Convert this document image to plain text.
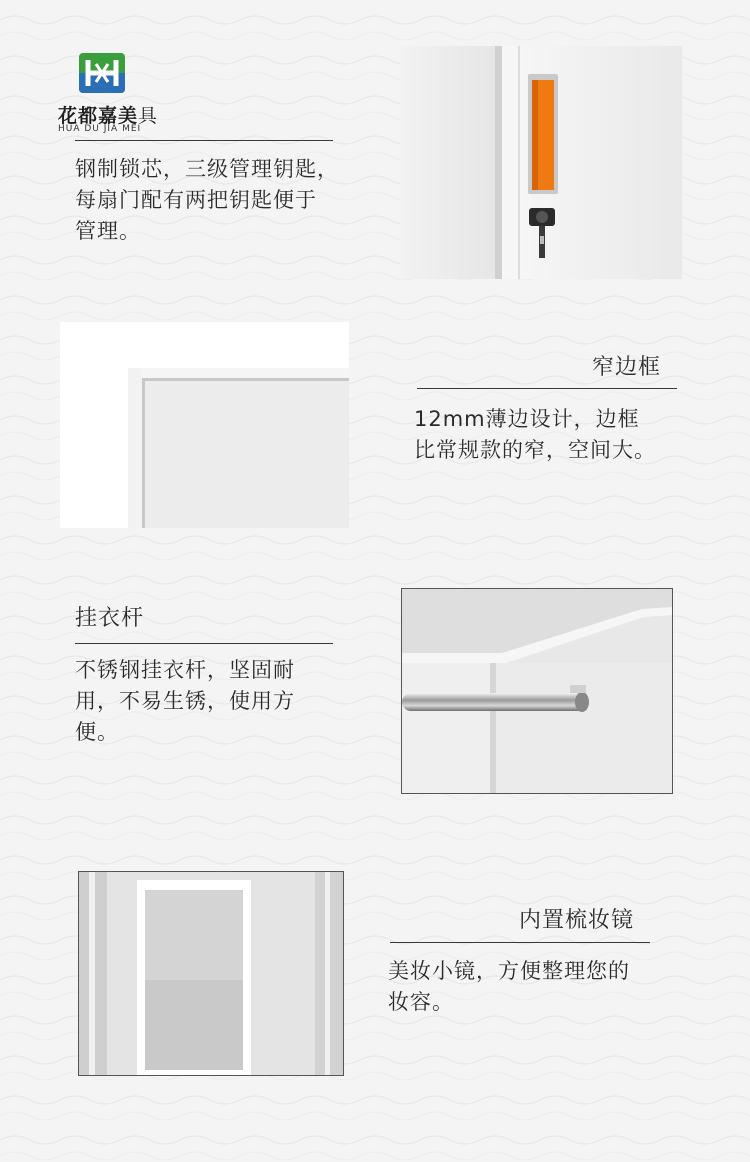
花都嘉美具
HUA DU JIA MEI
钢制锁芯，三级管理钥匙，
每扇门配有两把钥匙便于
管理。
窄边框
12mm薄边设计，边框
比常规款的窄，空间大。
挂衣杆
不锈钢挂衣杆，坚固耐
用，不易生锈，使用方
便。
内置梳妆镜
美妆小镜，方便整理您的
妆容。
